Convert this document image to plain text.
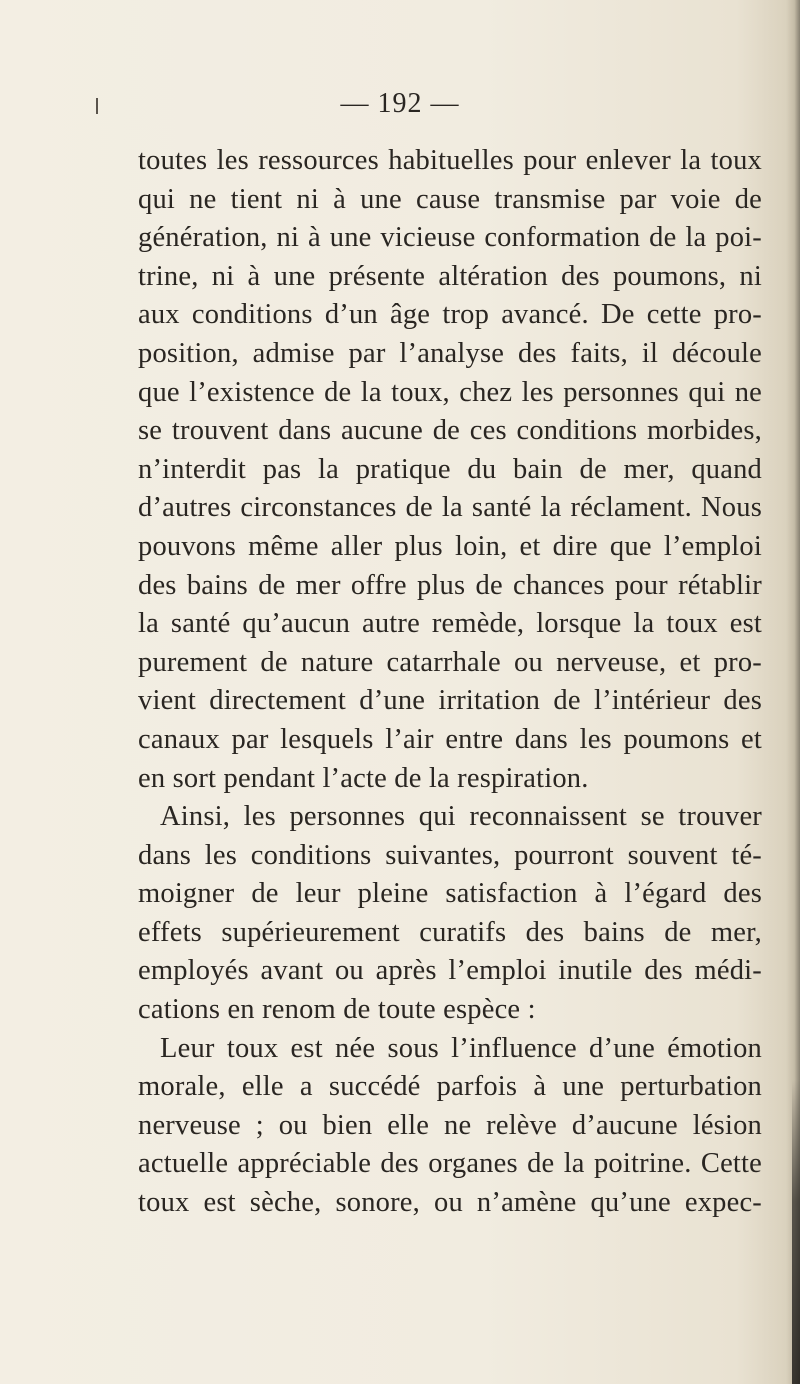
— 192 —
toutes les ressources habituelles pour enlever la toux
qui ne tient ni à une cause transmise par voie de
génération, ni à une vicieuse conformation de la poi-
trine, ni à une présente altération des poumons, ni
aux conditions d’un âge trop avancé. De cette pro-
position, admise par l’analyse des faits, il découle
que l’existence de la toux, chez les personnes qui ne
se trouvent dans aucune de ces conditions morbides,
n’interdit pas la pratique du bain de mer, quand
d’autres circonstances de la santé la réclament. Nous
pouvons même aller plus loin, et dire que l’emploi
des bains de mer offre plus de chances pour rétablir
la santé qu’aucun autre remède, lorsque la toux est
purement de nature catarrhale ou nerveuse, et pro-
vient directement d’une irritation de l’intérieur des
canaux par lesquels l’air entre dans les poumons et
en sort pendant l’acte de la respiration.
Ainsi, les personnes qui reconnaissent se trouver
dans les conditions suivantes, pourront souvent té-
moigner de leur pleine satisfaction à l’égard des
effets supérieurement curatifs des bains de mer,
employés avant ou après l’emploi inutile des médi-
cations en renom de toute espèce :
Leur toux est née sous l’influence d’une émotion
morale, elle a succédé parfois à une perturbation
nerveuse ; ou bien elle ne relève d’aucune lésion
actuelle appréciable des organes de la poitrine. Cette
toux est sèche, sonore, ou n’amène qu’une expec-
